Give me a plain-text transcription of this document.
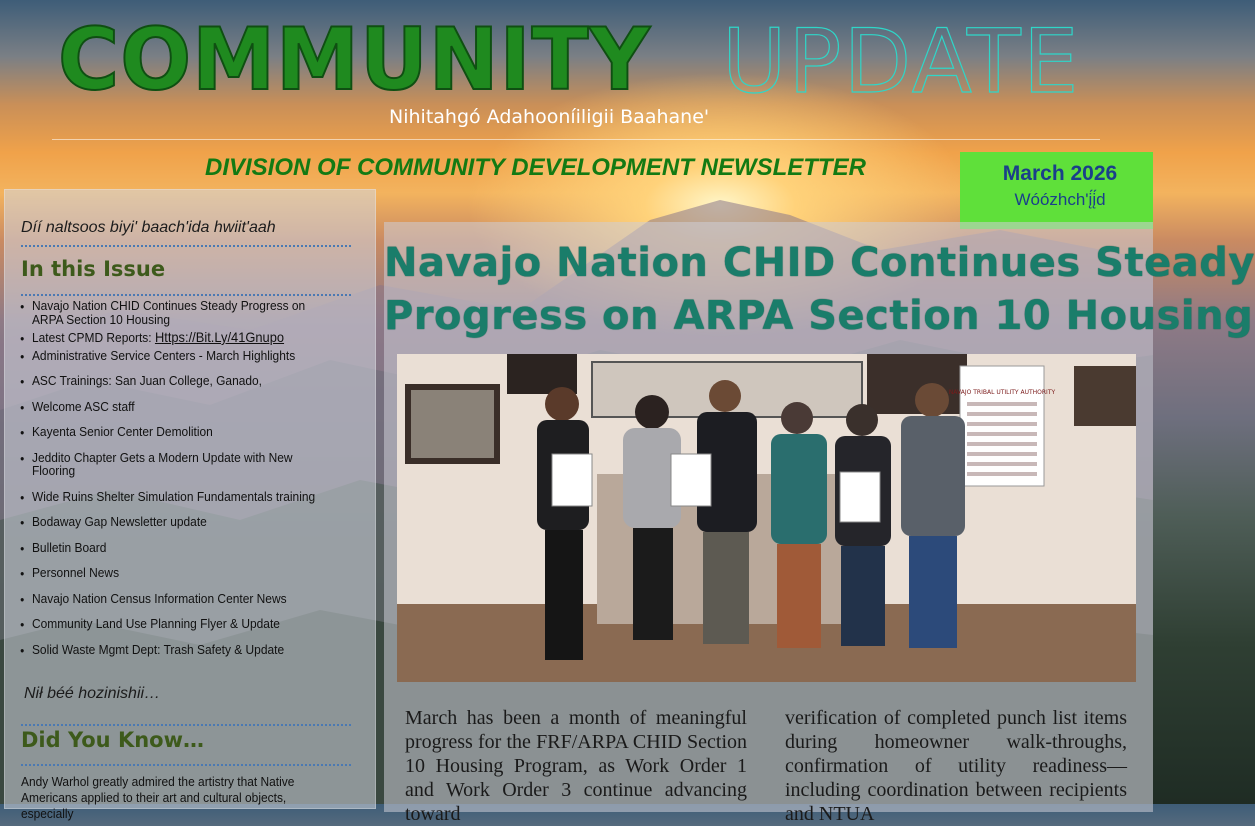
COMMUNITY UPDATE
Nihitahgó Adahooníiligii Baahane'
DIVISION OF COMMUNITY DEVELOPMENT NEWSLETTER	March 2026
Wóózhch'į́į́d
Díí naltsoos biyi' baach'ida hwiit'aah
In this Issue
● Navajo Nation CHID Continues Steady Progress on ARPA Section 10 Housing
● Latest CPMD Reports: Https://Bit.Ly/41Gnupo
● Administrative Service Centers - March Highlights
● ASC Trainings: San Juan College, Ganado,
● Welcome ASC staff
● Kayenta Senior Center Demolition
● Jeddito Chapter Gets a Modern Update with New Flooring
● Wide Ruins Shelter Simulation Fundamentals training
● Bodaway Gap Newsletter update
● Bulletin Board
● Personnel News
● Navajo Nation Census Information Center News
● Community Land Use Planning Flyer & Update
● Solid Waste Mgmt Dept: Trash Safety & Update
Nił béé hozinishii…
Did You Know…
Andy Warhol greatly admired the artistry that Native Americans applied to their art and cultural objects, especially
Navajo Nation CHID Continues Steady
Progress on ARPA Section 10 Housing
NAVAJO TRIBAL UTILITY AUTHORITY
March has been a month of meaningful progress for the FRF/ARPA CHID Section 10 Housing Program, as Work Order 1 and Work Order 3 continue advancing toward
verification of completed punch list items during homeowner walk-throughs, confirmation of utility readiness—including coordination between recipients and NTUA
